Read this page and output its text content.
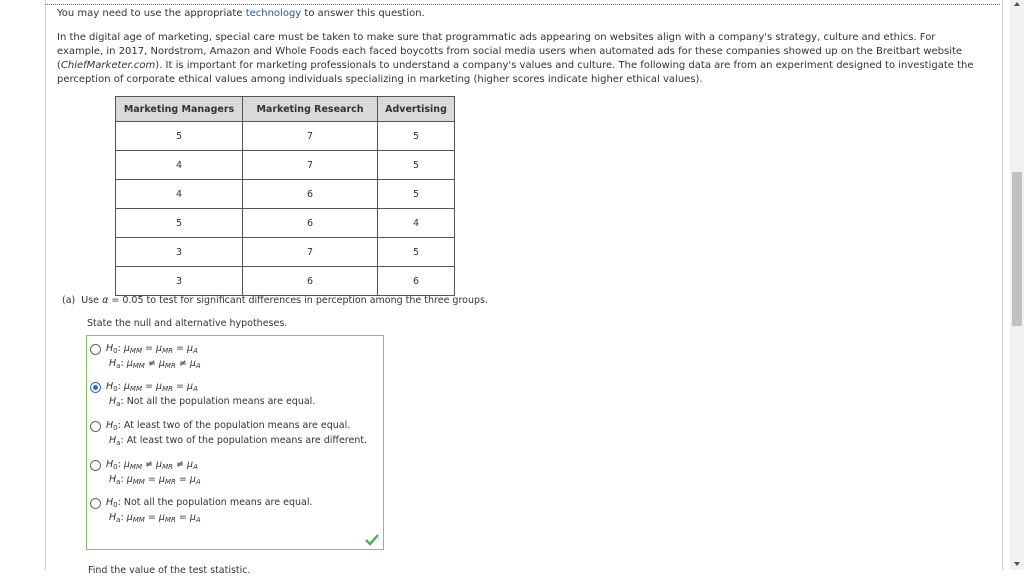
You may need to use the appropriate technology to answer this question.
In the digital age of marketing, special care must be taken to make sure that programmatic ads appearing on websites align with a company's strategy, culture and ethics. For example, in 2017, Nordstrom, Amazon and Whole Foods each faced boycotts from social media users when automated ads for these companies showed up on the Breitbart website (ChiefMarketer.com). It is important for marketing professionals to understand a company's values and culture. The following data are from an experiment designed to investigate the perception of corporate ethical values among individuals specializing in marketing (higher scores indicate higher ethical values).
Marketing Managers	Marketing Research	Advertising
5	7	5
4	7	5
4	6	5
5	6	4
3	7	5
3	6	6
(a) Use α = 0.05 to test for significant differences in perception among the three groups.
State the null and alternative hypotheses.
$H_0$: $\mu_{MM} = \mu_{MR} = \mu_A$
$H_a$: $\mu_{MM} \ne \mu_{MR} \ne \mu_A$
$H_0$: $\mu_{MM} = \mu_{MR} = \mu_A$
$H_a$: Not all the population means are equal.
$H_0$: At least two of the population means are equal.
$H_a$: At least two of the population means are different.
$H_0$: $\mu_{MM} \ne \mu_{MR} \ne \mu_A$
$H_a$: $\mu_{MM} = \mu_{MR} = \mu_A$
$H_0$: Not all the population means are equal.
$H_a$: $\mu_{MM} = \mu_{MR} = \mu_A$
Find the value of the test statistic.
